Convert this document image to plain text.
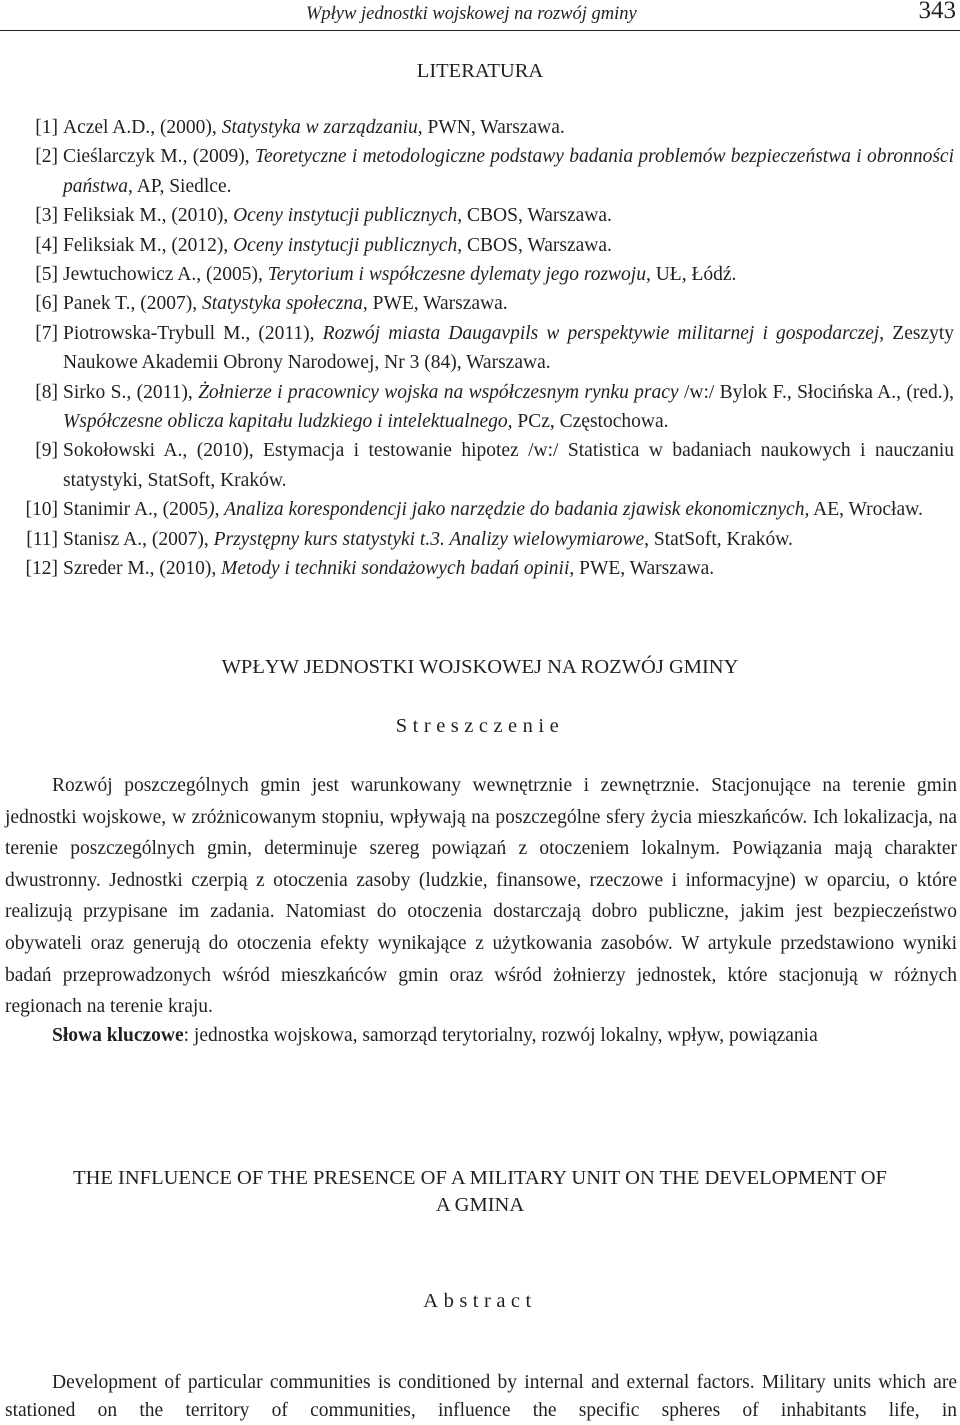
Wpływ jednostki wojskowej na rozwój gminy	343
LITERATURA
[1] Aczel A.D., (2000), Statystyka w zarządzaniu, PWN, Warszawa.
[2] Cieślarczyk M., (2009), Teoretyczne i metodologiczne podstawy badania problemów bezpieczeństwa i obronności państwa, AP, Siedlce.
[3] Feliksiak M., (2010), Oceny instytucji publicznych, CBOS, Warszawa.
[4] Feliksiak M., (2012), Oceny instytucji publicznych, CBOS, Warszawa.
[5] Jewtuchowicz A., (2005), Terytorium i współczesne dylematy jego rozwoju, UŁ, Łódź.
[6] Panek T., (2007), Statystyka społeczna, PWE, Warszawa.
[7] Piotrowska-Trybull M., (2011), Rozwój miasta Daugavpils w perspektywie militarnej i gospodarczej, Zeszyty Naukowe Akademii Obrony Narodowej, Nr 3 (84), Warszawa.
[8] Sirko S., (2011), Żołnierze i pracownicy wojska na współczesnym rynku pracy /w:/ Bylok F., Słocińska A., (red.), Współczesne oblicza kapitału ludzkiego i intelektualnego, PCz, Częstochowa.
[9] Sokołowski A., (2010), Estymacja i testowanie hipotez /w:/ Statistica w badaniach naukowych i nauczaniu statystyki, StatSoft, Kraków.
[10] Stanimir A., (2005), Analiza korespondencji jako narzędzie do badania zjawisk ekonomicznych, AE, Wrocław.
[11] Stanisz A., (2007), Przystępny kurs statystyki t.3. Analizy wielowymiarowe, StatSoft, Kraków.
[12] Szreder M., (2010), Metody i techniki sondażowych badań opinii, PWE, Warszawa.
WPŁYW JEDNOSTKI WOJSKOWEJ NA ROZWÓJ GMINY
Streszczenie
Rozwój poszczególnych gmin jest warunkowany wewnętrznie i zewnętrznie. Stacjonujące na terenie gmin jednostki wojskowe, w zróżnicowanym stopniu, wpływają na poszczególne sfery życia mieszkańców. Ich lokalizacja, na terenie poszczególnych gmin, determinuje szereg powiązań z otoczeniem lokalnym. Powiązania mają charakter dwustronny. Jednostki czerpią z otoczenia zasoby (ludzkie, finansowe, rzeczowe i informacyjne) w oparciu, o które realizują przypisane im zadania. Natomiast do otoczenia dostarczają dobro publiczne, jakim jest bezpieczeństwo obywateli oraz generują do otoczenia efekty wynikające z użytkowania zasobów. W artykule przedstawiono wyniki badań przeprowadzonych wśród mieszkańców gmin oraz wśród żołnierzy jednostek, które stacjonują w różnych regionach na terenie kraju.
Słowa kluczowe: jednostka wojskowa, samorząd terytorialny, rozwój lokalny, wpływ, powiązania
THE INFLUENCE OF THE PRESENCE OF A MILITARY UNIT ON THE DEVELOPMENT OF
A GMINA
Abstract
Development of particular communities is conditioned by internal and external factors. Military units which are stationed on the territory of communities, influence the specific spheres of inhabitants life, in
